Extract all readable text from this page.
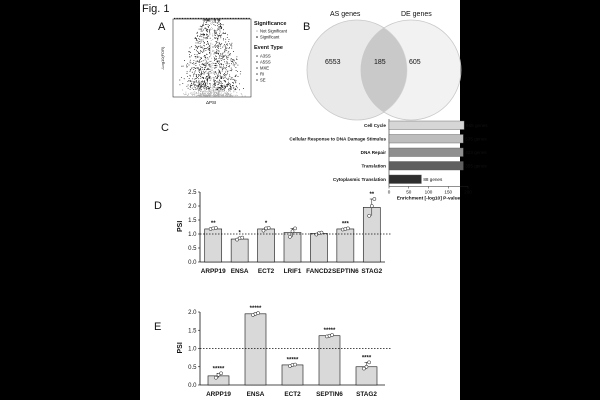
Fig. 1
A
-Log10(FDR)
ΔPSI
Significance
Not Significant
Significant
Event Type
A3SS
A5SS
MXE
RI
SE
B
AS genes	DE genes
6553	185	605
C	Cell Cycle	665 genes
Cellular Response to DNA Damage Stimulus	535 genes
DNA Repair	423 genes
Translation	355 genes
Cytoplasmic Translation	88 genes
0	50	100	150	200
Enrichment [-log10] P-value
D
0.0
0.5
1.0
1.5
2.0
2.5
PSI	**
ARPP19
*
ENSA
*
ECT2 LRIF1 FANCD2
***
SEPTIN6
**
STAG2
E
0.0
0.5
1.0
1.5
2.0
PSI
*****
ARPP19
*****
ENSA
*****
ECT2
*****
SEPTIN6
****
STAG2
